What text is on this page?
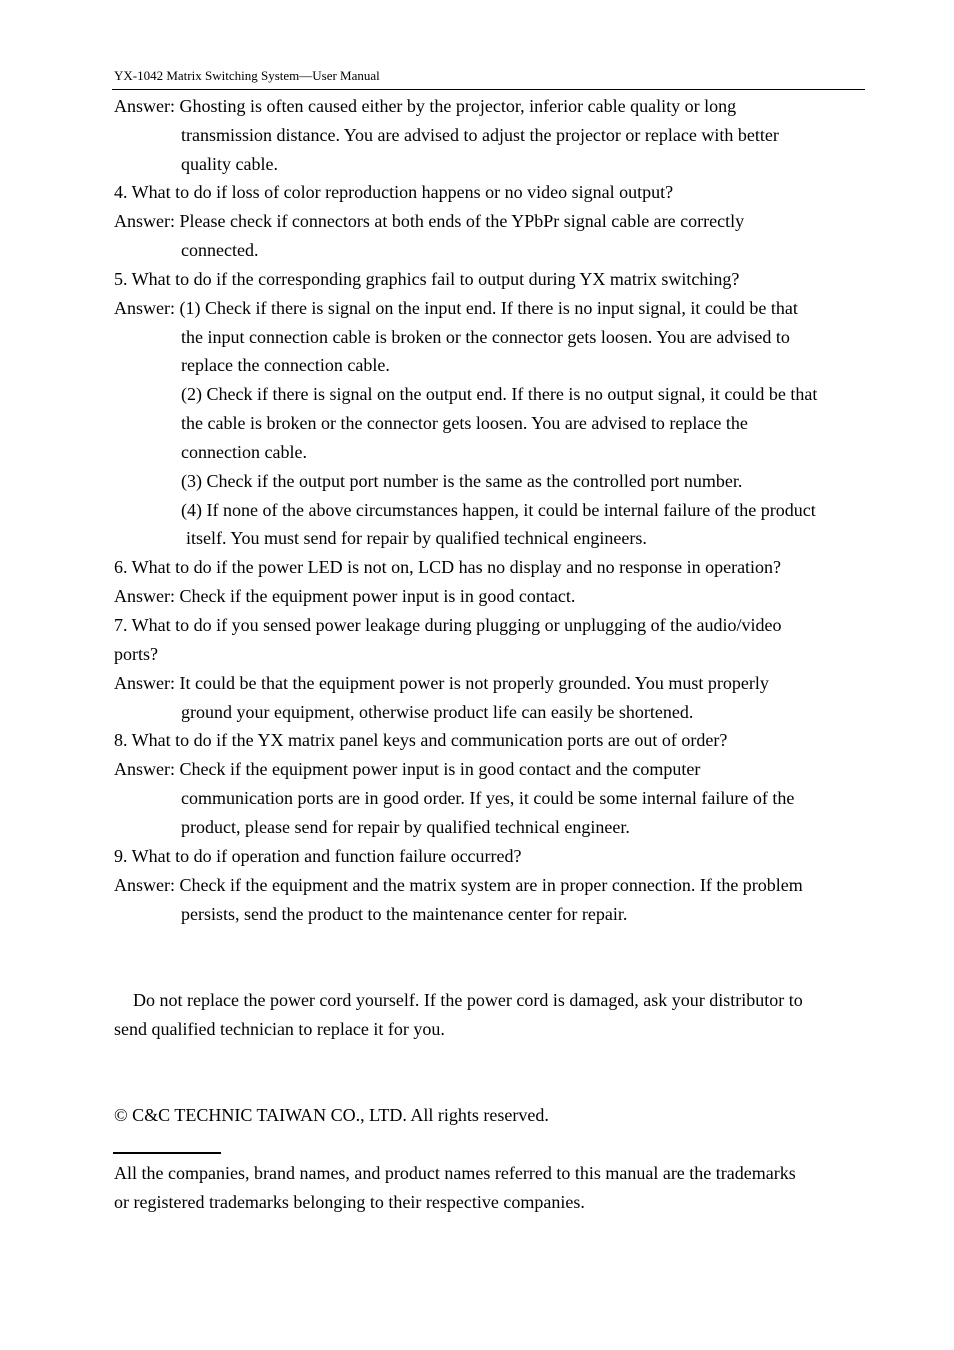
YX-1042 Matrix Switching System—User Manual
Answer: Ghosting is often caused either by the projector, inferior cable quality or long
transmission distance. You are advised to adjust the projector or replace with better
quality cable.
4. What to do if loss of color reproduction happens or no video signal output?
Answer: Please check if connectors at both ends of the YPbPr signal cable are correctly
connected.
5. What to do if the corresponding graphics fail to output during YX matrix switching?
Answer: (1) Check if there is signal on the input end. If there is no input signal, it could be that
the input connection cable is broken or the connector gets loosen. You are advised to
replace the connection cable.
(2) Check if there is signal on the output end. If there is no output signal, it could be that
the cable is broken or the connector gets loosen. You are advised to replace the
connection cable.
(3) Check if the output port number is the same as the controlled port number.
(4) If none of the above circumstances happen, it could be internal failure of the product
itself. You must send for repair by qualified technical engineers.
6. What to do if the power LED is not on, LCD has no display and no response in operation?
Answer: Check if the equipment power input is in good contact.
7. What to do if you sensed power leakage during plugging or unplugging of the audio/video
ports?
Answer: It could be that the equipment power is not properly grounded. You must properly
ground your equipment, otherwise product life can easily be shortened.
8. What to do if the YX matrix panel keys and communication ports are out of order?
Answer: Check if the equipment power input is in good contact and the computer
communication ports are in good order. If yes, it could be some internal failure of the
product, please send for repair by qualified technical engineer.
9. What to do if operation and function failure occurred?
Answer: Check if the equipment and the matrix system are in proper connection. If the problem
persists, send the product to the maintenance center for repair.
Do not replace the power cord yourself. If the power cord is damaged, ask your distributor to
send qualified technician to replace it for you.
© C&C TECHNIC TAIWAN CO., LTD. All rights reserved.
All the companies, brand names, and product names referred to this manual are the trademarks
or registered trademarks belonging to their respective companies.
